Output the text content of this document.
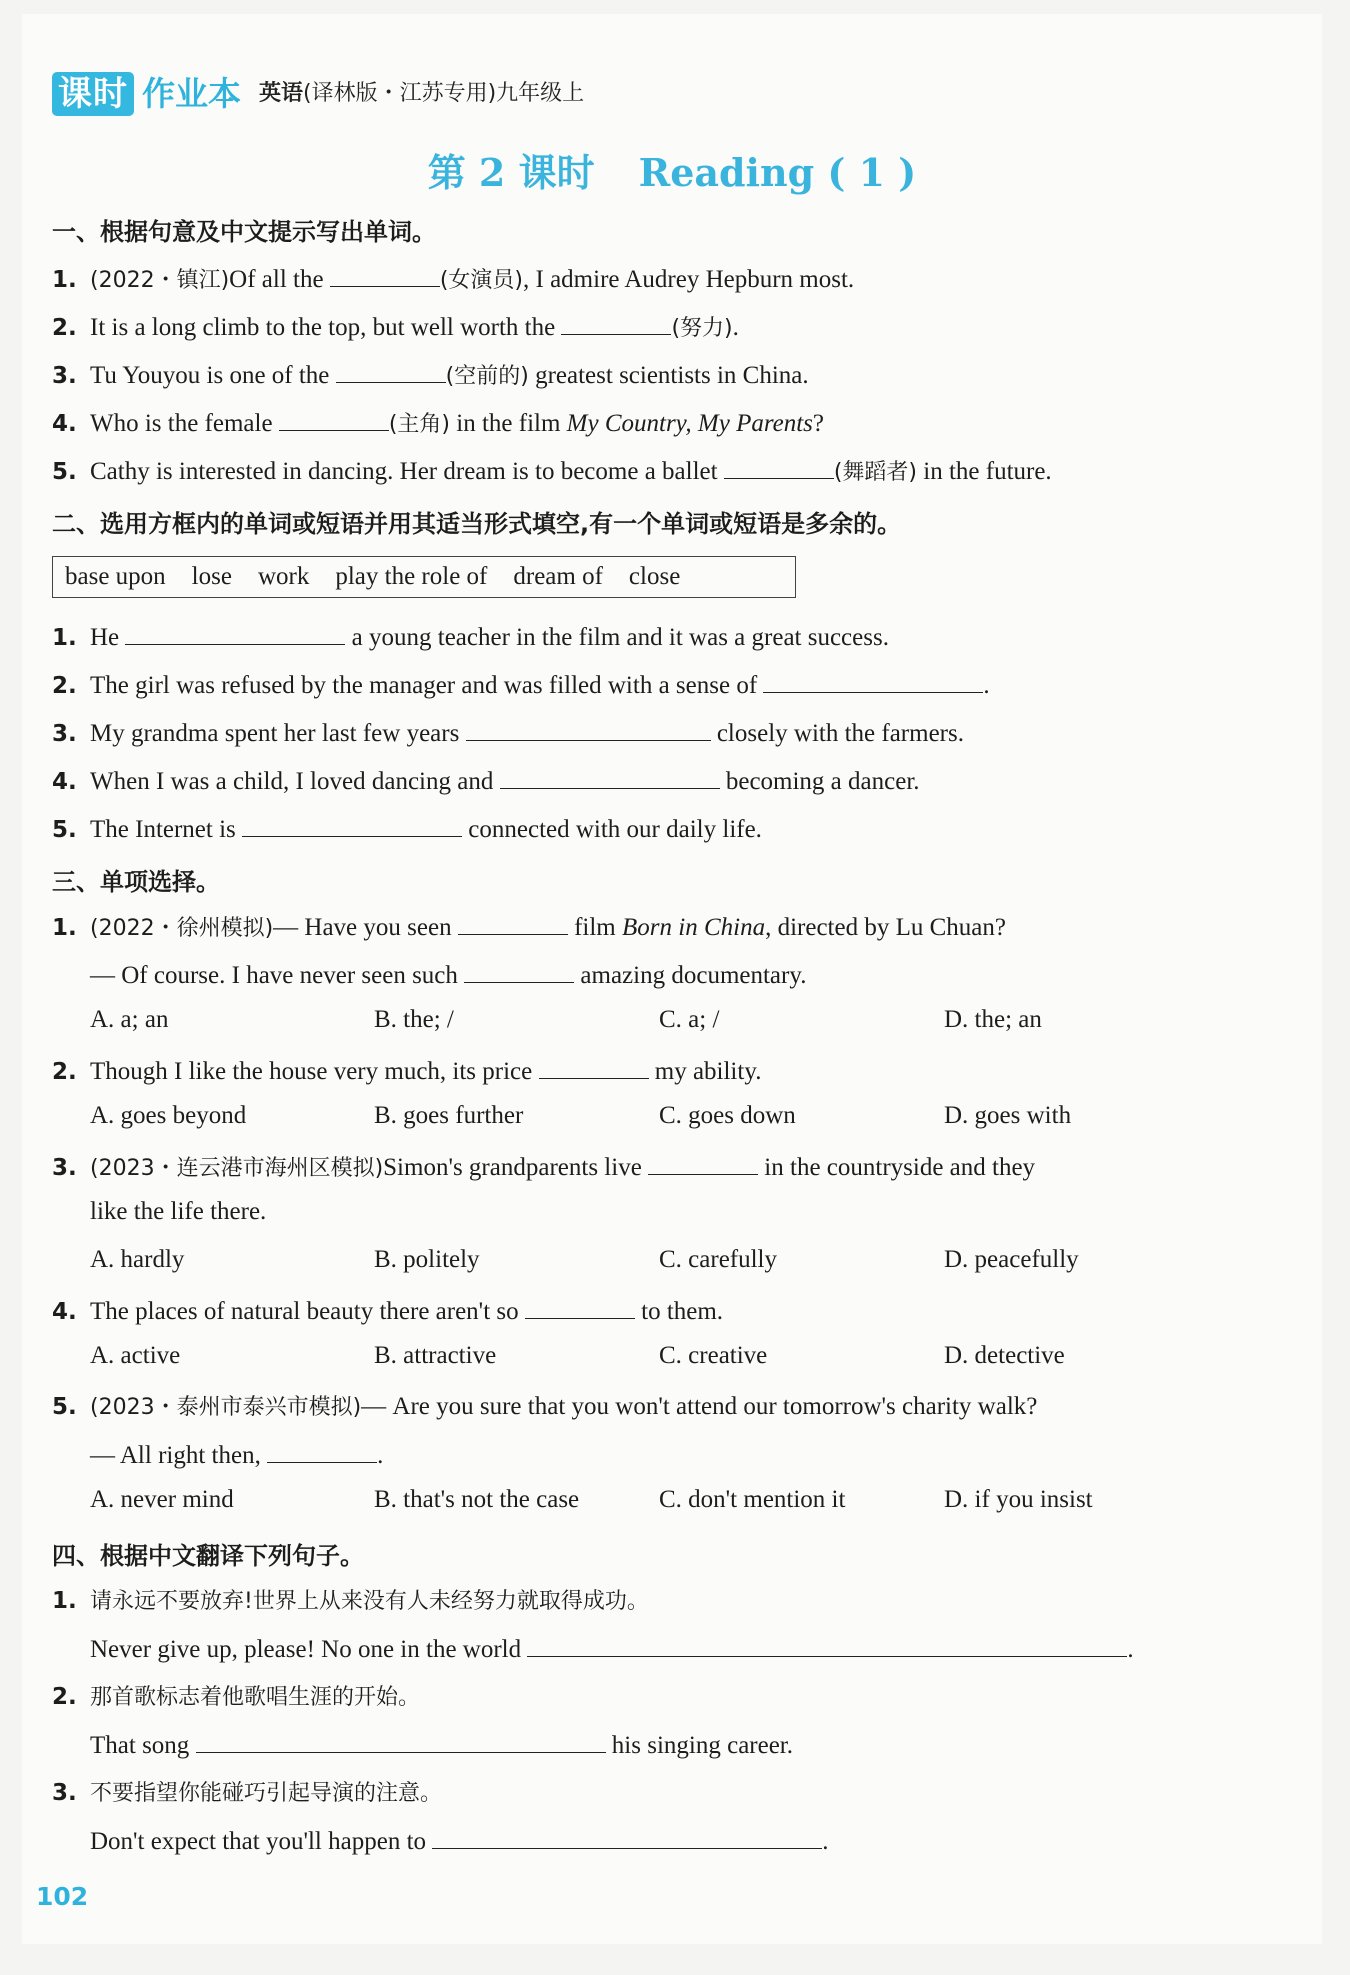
课时 作业本 英语(译林版・江苏专用)九年级上
第 2 课时 Reading ( 1 )
一、根据句意及中文提示写出单词。
1. (2022・镇江)Of all the	(女演员), I admire Audrey Hepburn most.
2. It is a long climb to the top, but well worth the	(努力).
3. Tu Youyou is one of the	(空前的) greatest scientists in China.
4. Who is the female	(主角) in the film My Country, My Parents?
5. Cathy is interested in dancing. Her dream is to become a ballet	(舞蹈者) in the future.
二、选用方框内的单词或短语并用其适当形式填空,有一个单词或短语是多余的。
base upon lose work play the role of dream of close
1. He	a young teacher in the film and it was a great success.
2. The girl was refused by the manager and was filled with a sense of	.
3. My grandma spent her last few years	closely with the farmers.
4. When I was a child, I loved dancing and	becoming a dancer.
5. The Internet is	connected with our daily life.
三、单项选择。
1. (2022・徐州模拟)— Have you seen	film Born in China, directed by Lu Chuan?
— Of course. I have never seen such	amazing documentary.
A. a; an	B. the; /	C. a; /	D. the; an
2. Though I like the house very much, its price	my ability.
A. goes beyond	B. goes further	C. goes down	D. goes with
3. (2023・连云港市海州区模拟)Simon's grandparents live	in the countryside and they
like the life there.
A. hardly	B. politely	C. carefully	D. peacefully
4. The places of natural beauty there aren't so	to them.
A. active	B. attractive	C. creative	D. detective
5. (2023・泰州市泰兴市模拟)— Are you sure that you won't attend our tomorrow's charity walk?
— All right then,	.
A. never mind	B. that's not the case	C. don't mention it	D. if you insist
四、根据中文翻译下列句子。
1. 请永远不要放弃!世界上从来没有人未经努力就取得成功。
Never give up, please! No one in the world	.
2. 那首歌标志着他歌唱生涯的开始。
That song	his singing career.
3. 不要指望你能碰巧引起导演的注意。
Don't expect that you'll happen to	.
102
